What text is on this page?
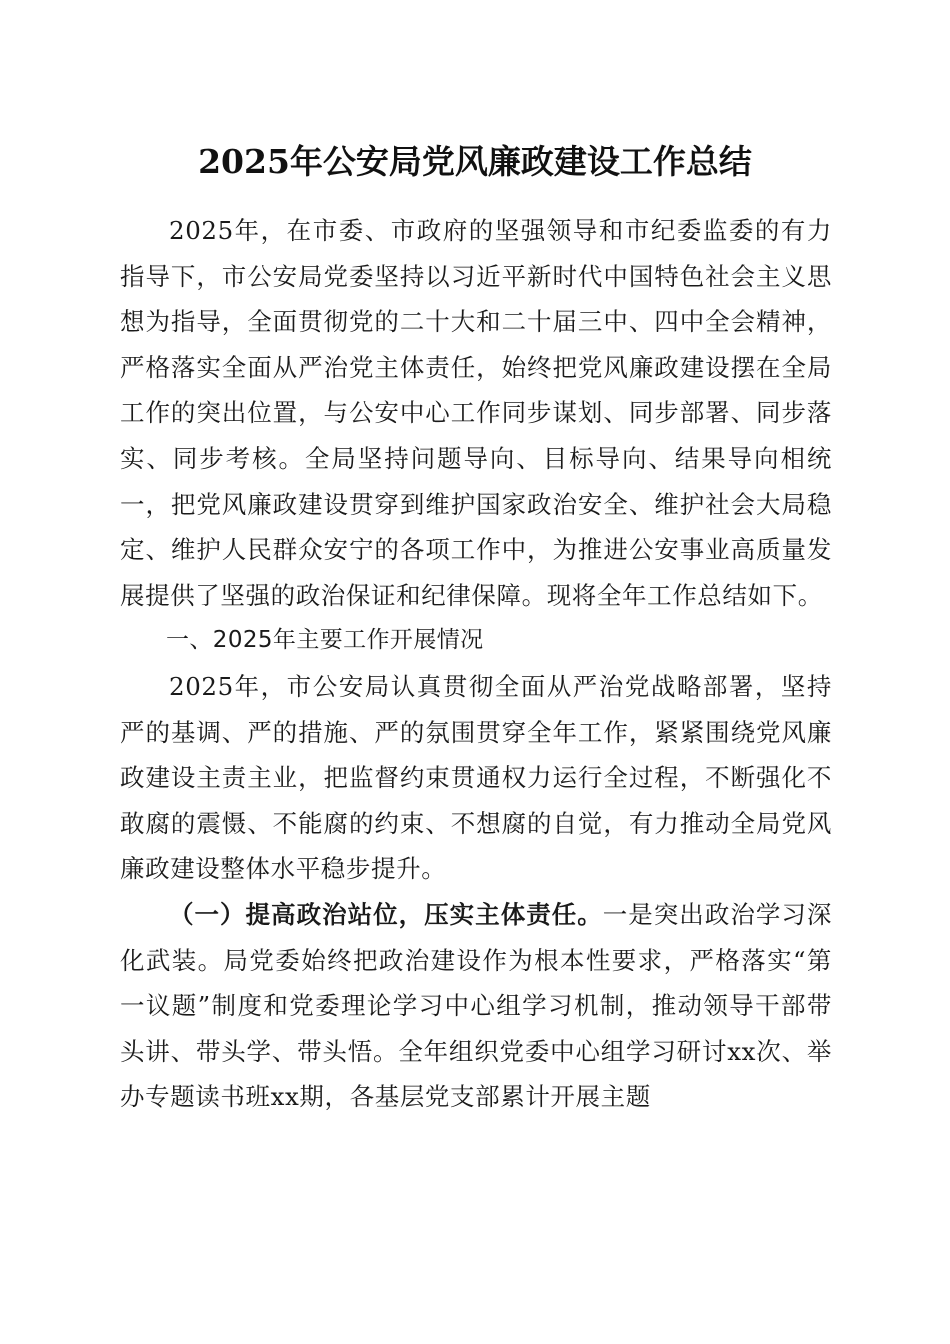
2025年公安局党风廉政建设工作总结

2025年，在市委、市政府的坚强领导和市纪委监委的有力指导下，市公安局党委坚持以习近平新时代中国特色社会主义思想为指导，全面贯彻党的二十大和二十届三中、四中全会精神，严格落实全面从严治党主体责任，始终把党风廉政建设摆在全局工作的突出位置，与公安中心工作同步谋划、同步部署、同步落实、同步考核。全局坚持问题导向、目标导向、结果导向相统一，把党风廉政建设贯穿到维护国家政治安全、维护社会大局稳定、维护人民群众安宁的各项工作中，为推进公安事业高质量发展提供了坚强的政治保证和纪律保障。现将全年工作总结如下。

一、2025年主要工作开展情况

2025年，市公安局认真贯彻全面从严治党战略部署，坚持严的基调、严的措施、严的氛围贯穿全年工作，紧紧围绕党风廉政建设主责主业，把监督约束贯通权力运行全过程，不断强化不敢腐的震慑、不能腐的约束、不想腐的自觉，有力推动全局党风廉政建设整体水平稳步提升。

（一）提高政治站位，压实主体责任。一是突出政治学习深化武装。局党委始终把政治建设作为根本性要求，严格落实“第一议题”制度和党委理论学习中心组学习机制，推动领导干部带头讲、带头学、带头悟。全年组织党委中心组学习研讨xx次、举办专题读书班xx期，各基层党支部累计开展主题
